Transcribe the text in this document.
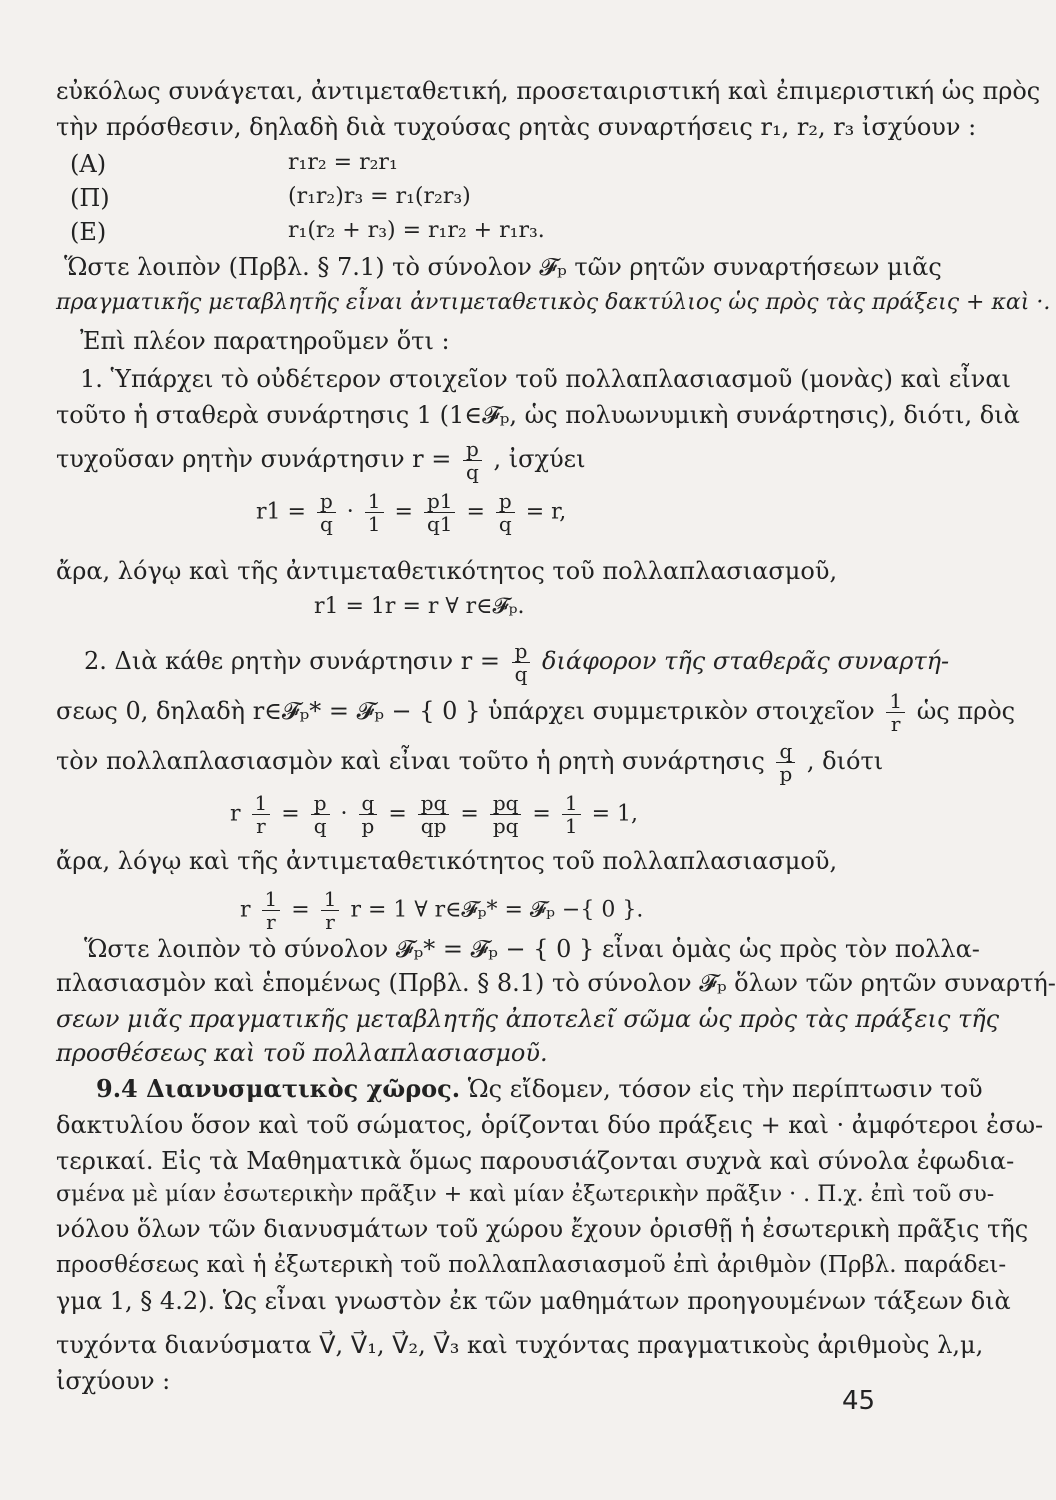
εὐκόλως συνάγεται, ἀντιμεταθετική, προσεταιριστική καὶ ἐπιμεριστική ὡς πρὸς
τὴν πρόσθεσιν, δηλαδὴ διὰ τυχούσας ρητὰς συναρτήσεις r₁, r₂, r₃ ἰσχύουν :
(Α)	r₁r₂ = r₂r₁
(Π)	(r₁r₂)r₃ = r₁(r₂r₃)
(Ε)	r₁(r₂ + r₃) = r₁r₂ + r₁r₃.
Ὥστε λοιπὸν (Πρβλ. § 7.1) τὸ σύνολον 𝓕ₚ τῶν ρητῶν συναρτήσεων μιᾶς
πραγματικῆς μεταβλητῆς εἶναι ἀντιμεταθετικὸς δακτύλιος ὡς πρὸς τὰς πράξεις + καὶ ·.
Ἐπὶ πλέον παρατηροῦμεν ὅτι :
1. Ὑπάρχει τὸ οὐδέτερον στοιχεῖον τοῦ πολλαπλασιασμοῦ (μονὰς) καὶ εἶναι
τοῦτο ἡ σταθερὰ συνάρτησις 1 (1∈𝓕ₚ, ὡς πολυωνυμικὴ συνάρτησις), διότι, διὰ
τυχοῦσαν ρητὴν συνάρτησιν $r = \frac{p}{q}$ , ἰσχύει
$r1 = \frac{p}{q} \cdot \frac{1}{1} = \frac{p1}{q1} = \frac{p}{q} = r$,
ἄρα, λόγῳ καὶ τῆς ἀντιμεταθετικότητος τοῦ πολλαπλασιασμοῦ,
r1 = 1r = r ∀ r∈𝓕ₚ.
2. Διὰ κάθε ρητὴν συνάρτησιν $r = \frac{p}{q}$ διάφορον τῆς σταθερᾶς συναρτή-
σεως 0, δηλαδὴ r∈𝓕ₚ* = 𝓕ₚ − { 0 } ὑπάρχει συμμετρικὸν στοιχεῖον $\frac{1}{r}$ ὡς πρὸς
τὸν πολλαπλασιασμὸν καὶ εἶναι τοῦτο ἡ ρητὴ συνάρτησις $\frac{q}{p}$ , διότι
r $\frac{1}{r} = \frac{p}{q} \cdot \frac{q}{p} = \frac{pq}{qp} = \frac{pq}{pq} = \frac{1}{1} = 1$,
ἄρα, λόγῳ καὶ τῆς ἀντιμεταθετικότητος τοῦ πολλαπλασιασμοῦ,
r $\frac{1}{r} = \frac{1}{r}$ r = 1 ∀ r∈𝓕ₚ* = 𝓕ₚ −{ 0 }.
Ὥστε λοιπὸν τὸ σύνολον 𝓕ₚ* = 𝓕ₚ − { 0 } εἶναι ὁμὰς ὡς πρὸς τὸν πολλα-
πλασιασμὸν καὶ ἑπομένως (Πρβλ. § 8.1) τὸ σύνολον 𝓕ₚ ὅλων τῶν ρητῶν συναρτή-
σεων μιᾶς πραγματικῆς μεταβλητῆς ἀποτελεῖ σῶμα ὡς πρὸς τὰς πράξεις τῆς
προσθέσεως καὶ τοῦ πολλαπλασιασμοῦ.
9.4 Διανυσματικὸς χῶρος. Ὡς εἴδομεν, τόσον εἰς τὴν περίπτωσιν τοῦ
δακτυλίου ὅσον καὶ τοῦ σώματος, ὁρίζονται δύο πράξεις + καὶ · ἀμφότεροι ἐσω-
τερικαί. Εἰς τὰ Μαθηματικὰ ὅμως παρουσιάζονται συχνὰ καὶ σύνολα ἐφωδια-
σμένα μὲ μίαν ἐσωτερικὴν πρᾶξιν + καὶ μίαν ἐξωτερικὴν πρᾶξιν · . Π.χ. ἐπὶ τοῦ συ-
νόλου ὅλων τῶν διανυσμάτων τοῦ χώρου ἔχουν ὁρισθῇ ἡ ἐσωτερικὴ πρᾶξις τῆς
προσθέσεως καὶ ἡ ἐξωτερικὴ τοῦ πολλαπλασιασμοῦ ἐπὶ ἀριθμὸν (Πρβλ. παράδει-
γμα 1, § 4.2). Ὡς εἶναι γνωστὸν ἐκ τῶν μαθημάτων προηγουμένων τάξεων διὰ
τυχόντα διανύσματα V⃗, V⃗₁, V⃗₂, V⃗₃ καὶ τυχόντας πραγματικοὺς ἀριθμοὺς λ,μ,
ἰσχύουν :
45
